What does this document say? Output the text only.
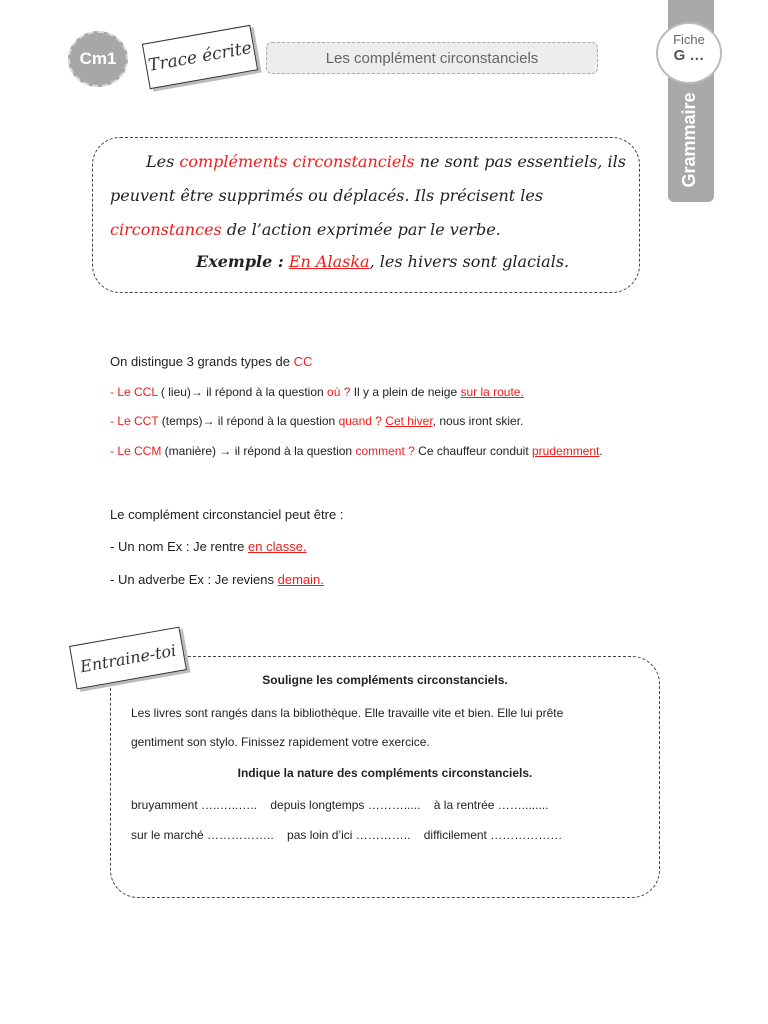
Cm1	Trace écrite	Les complément circonstanciels
Grammaire
Fiche
G …
Les compléments circonstanciels ne sont pas essentiels, ils
peuvent être supprimés ou déplacés. Ils précisent les
circonstances de l’action exprimée par le verbe.
Exemple : En Alaska, les hivers sont glacials.
On distingue 3 grands types de CC
- Le CCL ( lieu)→ il répond à la question où ? Il y a plein de neige sur la route.
- Le CCT (temps)→ il répond à la question quand ? Cet hiver, nous iront skier.
- Le CCM (manière) → il répond à la question comment ? Ce chauffeur conduit prudemment.
Le complément circonstanciel peut être :
- Un nom Ex : Je rentre en classe.
- Un adverbe Ex : Je reviens demain.
Entraine-toi
Souligne les compléments circonstanciels.
Les livres sont rangés dans la bibliothèque. Elle travaille vite et bien. Elle lui prête
gentiment son stylo. Finissez rapidement votre exercice.
Indique la nature des compléments circonstanciels.
bruyamment …..…..…..    depuis longtemps ……….....    à la rentrée ……........
sur le marché ……………..    pas loin d’ici …………..    difficilement ………………
